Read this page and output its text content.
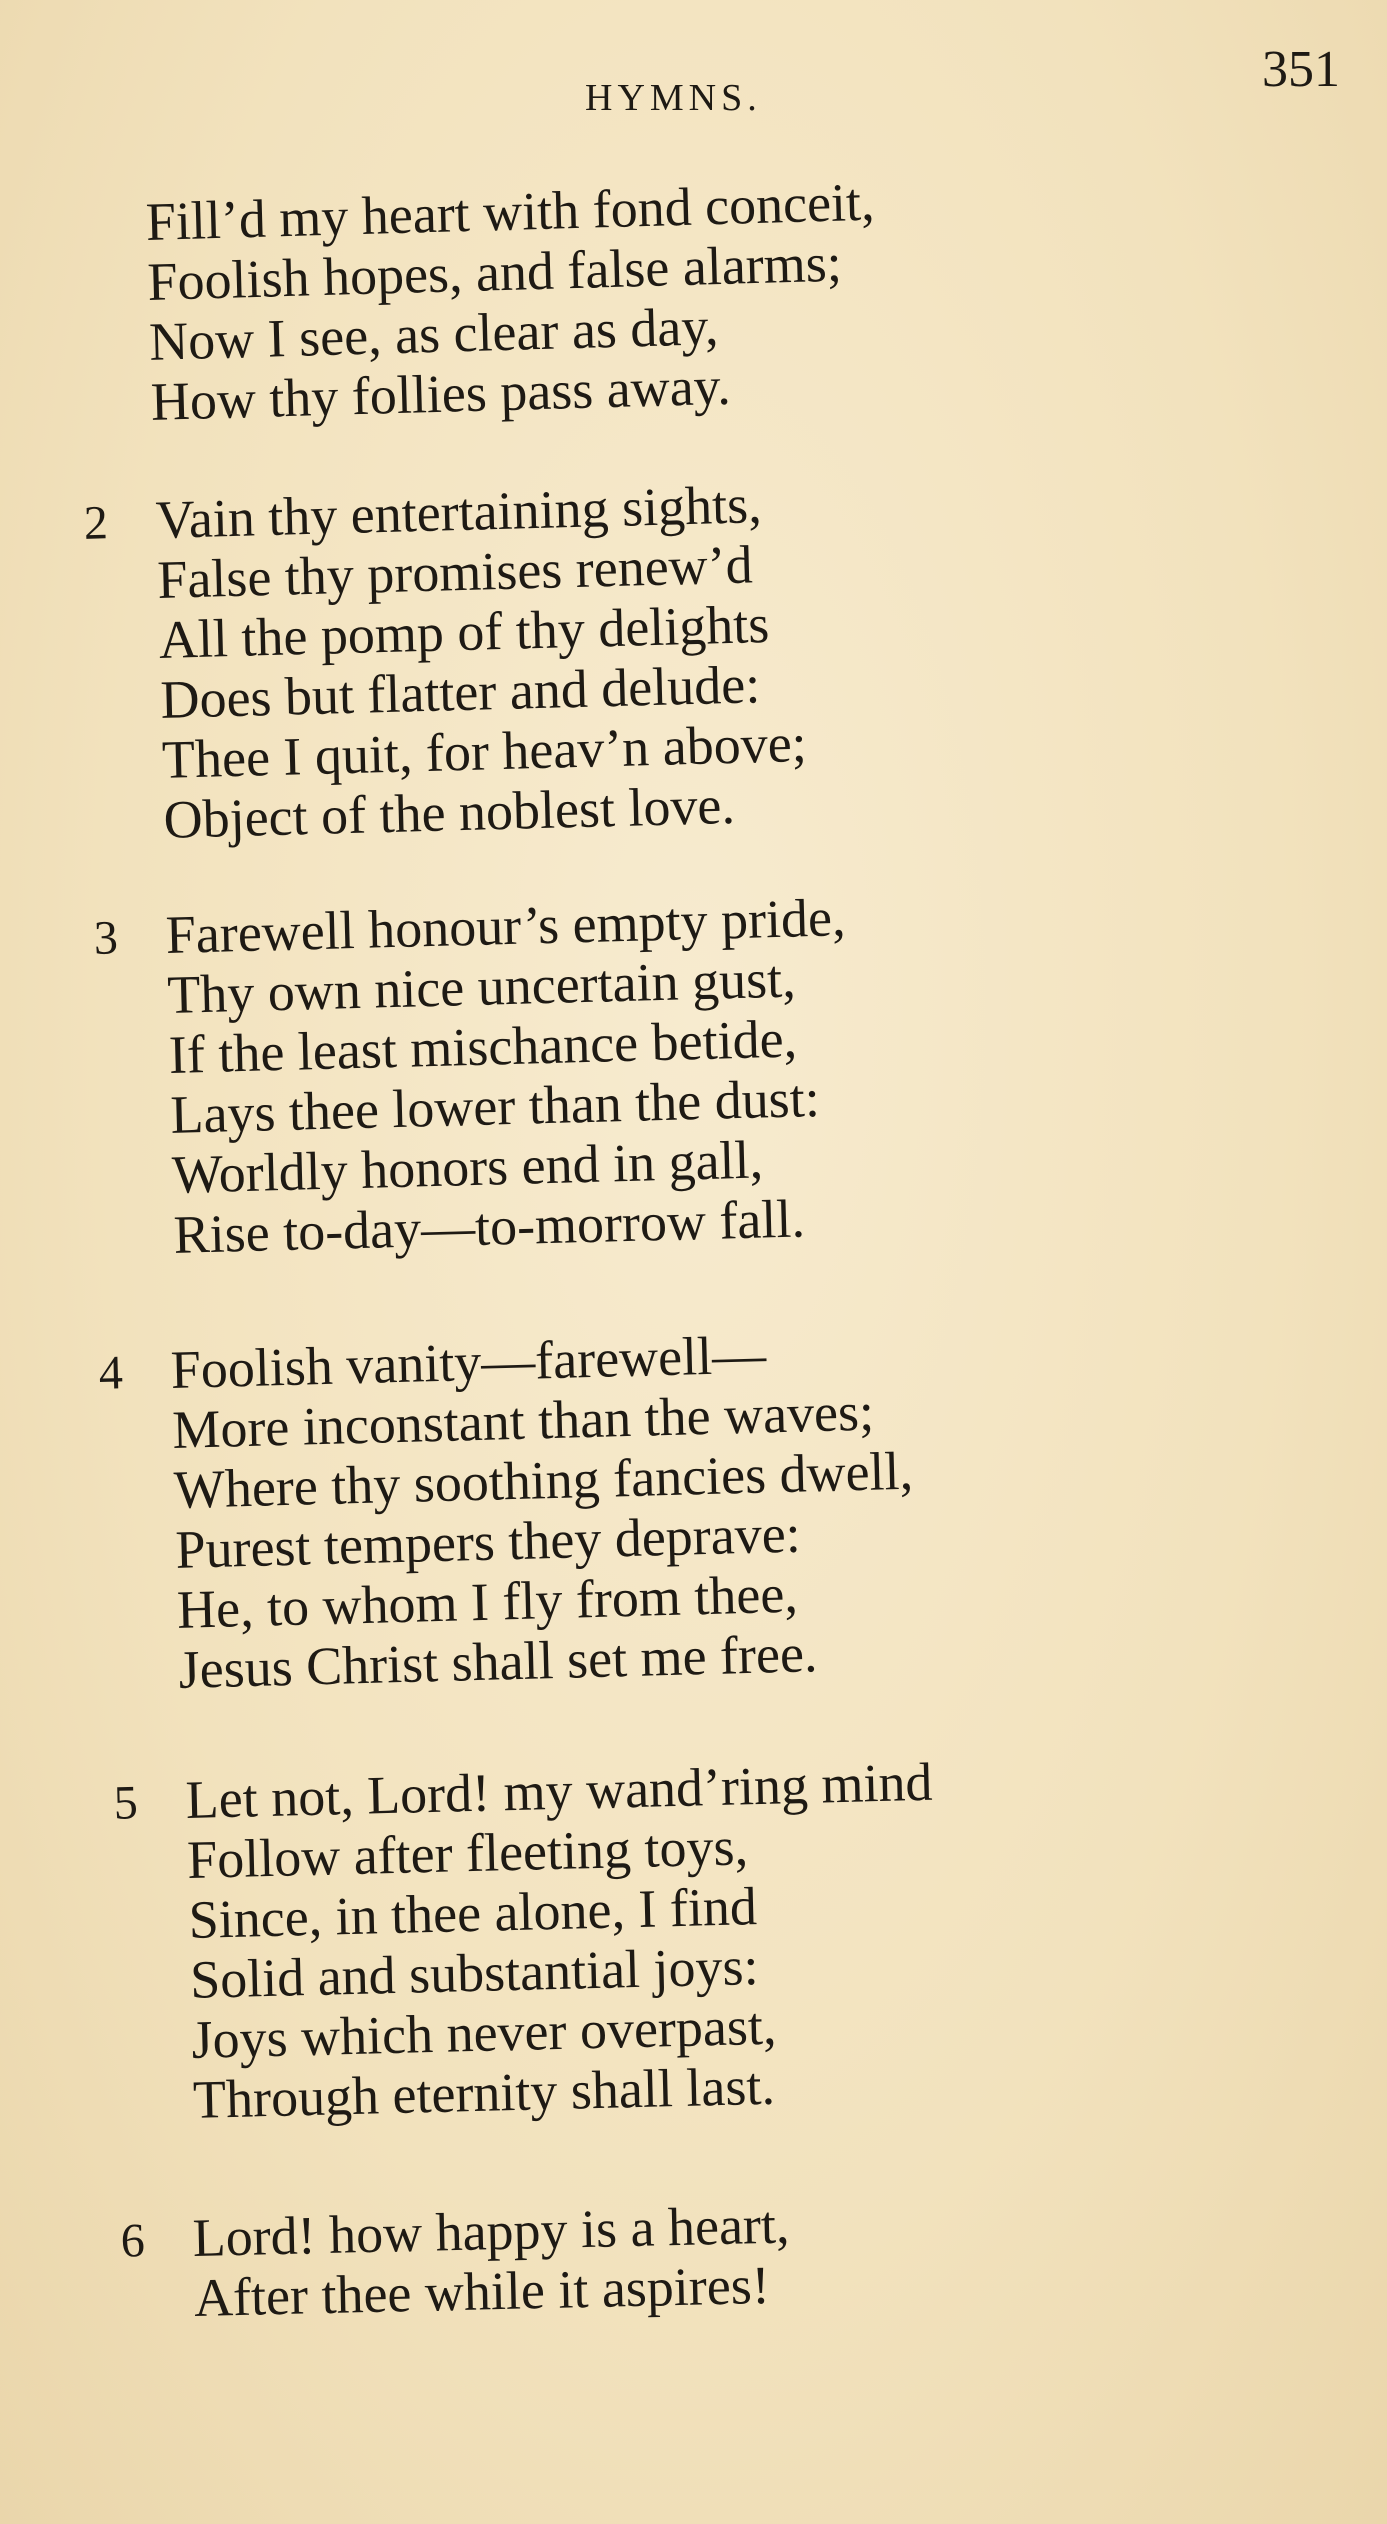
HYMNS.	351
Fill’d my heart with fond conceit,
Foolish hopes, and false alarms;
Now I see, as clear as day,
How thy follies pass away.
2 Vain thy entertaining sights,
False thy promises renew’d
All the pomp of thy delights
Does but flatter and delude:
Thee I quit, for heav’n above;
Object of the noblest love.
3 Farewell honour’s empty pride,
Thy own nice uncertain gust,
If the least mischance betide,
Lays thee lower than the dust:
Worldly honors end in gall,
Rise to-day—to-morrow fall.
4 Foolish vanity—farewell—
More inconstant than the waves;
Where thy soothing fancies dwell,
Purest tempers they deprave:
He, to whom I fly from thee,
Jesus Christ shall set me free.
5 Let not, Lord! my wand’ring mind
Follow after fleeting toys,
Since, in thee alone, I find
Solid and substantial joys:
Joys which never overpast,
Through eternity shall last.
6 Lord! how happy is a heart,
After thee while it aspires!
